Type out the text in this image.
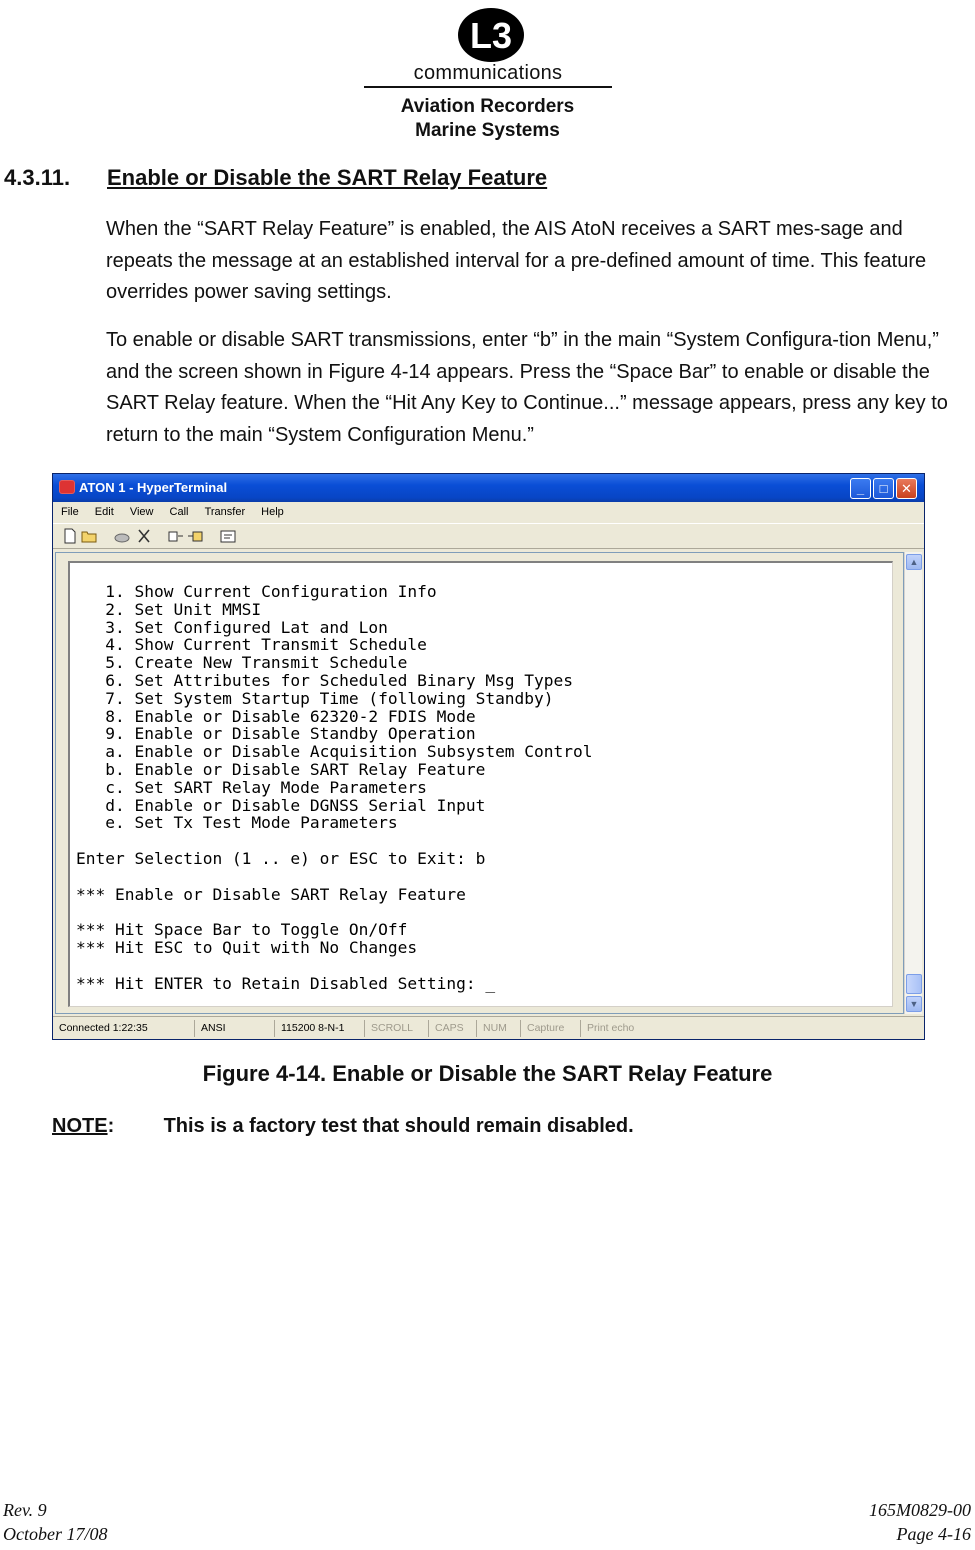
L3
communications
Aviation Recorders
Marine Systems
4.3.11. Enable or Disable the SART Relay Feature
When the “SART Relay Feature” is enabled, the AIS AtoN receives a SART mes-sage and repeats the message at an established interval for a pre‑defined amount of time. This feature overrides power saving settings.
To enable or disable SART transmissions, enter “b” in the main “System Configura-tion Menu,” and the screen shown in Figure 4‑14 appears. Press the “Space Bar” to enable or disable the SART Relay feature. When the “Hit Any Key to Continue...” message appears, press any key to return to the main “System Configuration Menu.”
ATON 1 - HyperTerminal	_	□	✕
File Edit View Call Transfer Help
1. Show Current Configuration Info
2. Set Unit MMSI
3. Set Configured Lat and Lon
4. Show Current Transmit Schedule
5. Create New Transmit Schedule
6. Set Attributes for Scheduled Binary Msg Types
7. Set System Startup Time (following Standby)
8. Enable or Disable 62320-2 FDIS Mode
9. Enable or Disable Standby Operation
a. Enable or Disable Acquisition Subsystem Control
b. Enable or Disable SART Relay Feature
c. Set SART Relay Mode Parameters
d. Enable or Disable DGNSS Serial Input
e. Set Tx Test Mode Parameters

Enter Selection (1 .. e) or ESC to Exit: b

*** Enable or Disable SART Relay Feature

*** Hit Space Bar to Toggle On/Off
*** Hit ESC to Quit with No Changes

*** Hit ENTER to Retain Disabled Setting: _
▲
▼
Connected 1:22:35	ANSI	115200 8-N-1	SCROLL	CAPS	NUM	Capture	Print echo
Figure 4‑14. Enable or Disable the SART Relay Feature
NOTE: This is a factory test that should remain disabled.
Rev. 9
October 17/08
165M0829‑00
Page 4‑16
